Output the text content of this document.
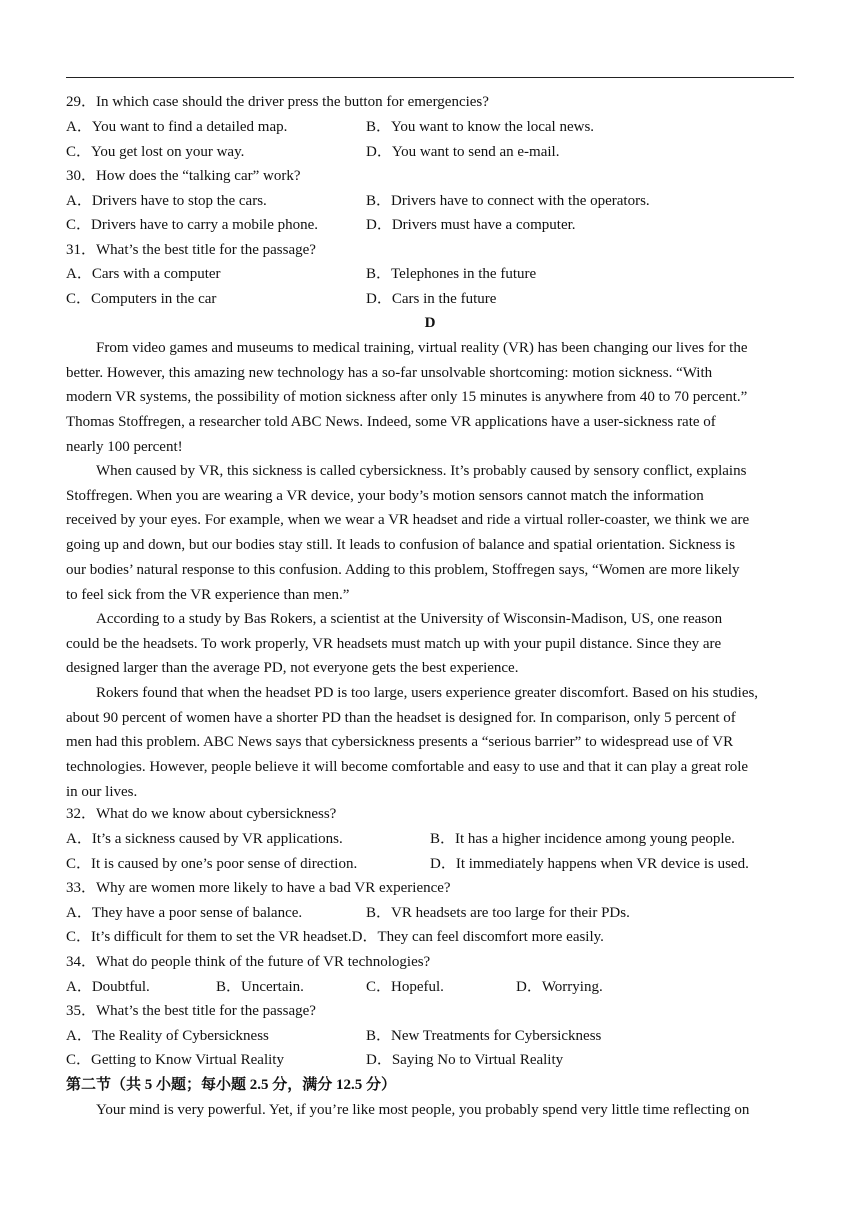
29．In which case should the driver press the button for emergencies?
A．You want to find a detailed map.	B．You want to know the local news.
C．You get lost on your way.	D．You want to send an e-mail.
30．How does the “talking car” work?
A．Drivers have to stop the cars.	B．Drivers have to connect with the operators.
C．Drivers have to carry a mobile phone.	D．Drivers must have a computer.
31．What’s the best title for the passage?
A．Cars with a computer	B．Telephones in the future
C．Computers in the car	D．Cars in the future
D
From video games and museums to medical training, virtual reality (VR) has been changing our lives for the
better. However, this amazing new technology has a so-far unsolvable shortcoming: motion sickness. “With
modern VR systems, the possibility of motion sickness after only 15 minutes is anywhere from 40 to 70 percent.”
Thomas Stoffregen, a researcher told ABC News. Indeed, some VR applications have a user-sickness rate of
nearly 100 percent!
When caused by VR, this sickness is called cybersickness. It’s probably caused by sensory conflict, explains
Stoffregen. When you are wearing a VR device, your body’s motion sensors cannot match the information
received by your eyes. For example, when we wear a VR headset and ride a virtual roller-coaster, we think we are
going up and down, but our bodies stay still. It leads to confusion of balance and spatial orientation. Sickness is
our bodies’ natural response to this confusion. Adding to this problem, Stoffregen says, “Women are more likely
to feel sick from the VR experience than men.”
According to a study by Bas Rokers, a scientist at the University of Wisconsin-Madison, US, one reason
could be the headsets. To work properly, VR headsets must match up with your pupil distance. Since they are
designed larger than the average PD, not everyone gets the best experience.
Rokers found that when the headset PD is too large, users experience greater discomfort. Based on his studies,
about 90 percent of women have a shorter PD than the headset is designed for. In comparison, only 5 percent of
men had this problem. ABC News says that cybersickness presents a “serious barrier” to widespread use of VR
technologies. However, people believe it will become comfortable and easy to use and that it can play a great role
in our lives.
32．What do we know about cybersickness?
A．It’s a sickness caused by VR applications.	B．It has a higher incidence among young people.
C．It is caused by one’s poor sense of direction.	D．It immediately happens when VR device is used.
33．Why are women more likely to have a bad VR experience?
A．They have a poor sense of balance.	B．VR headsets are too large for their PDs.
C．It’s difficult for them to set the VR headset.D．They can feel discomfort more easily.
34．What do people think of the future of VR technologies?
A．Doubtful.	B．Uncertain.	C．Hopeful.	D．Worrying.
35．What’s the best title for the passage?
A．The Reality of Cybersickness	B．New Treatments for Cybersickness
C．Getting to Know Virtual Reality	D．Saying No to Virtual Reality
第二节（共 5 小题；每小题 2.5 分，满分 12.5 分）
Your mind is very powerful. Yet, if you’re like most people, you probably spend very little time reflecting on
